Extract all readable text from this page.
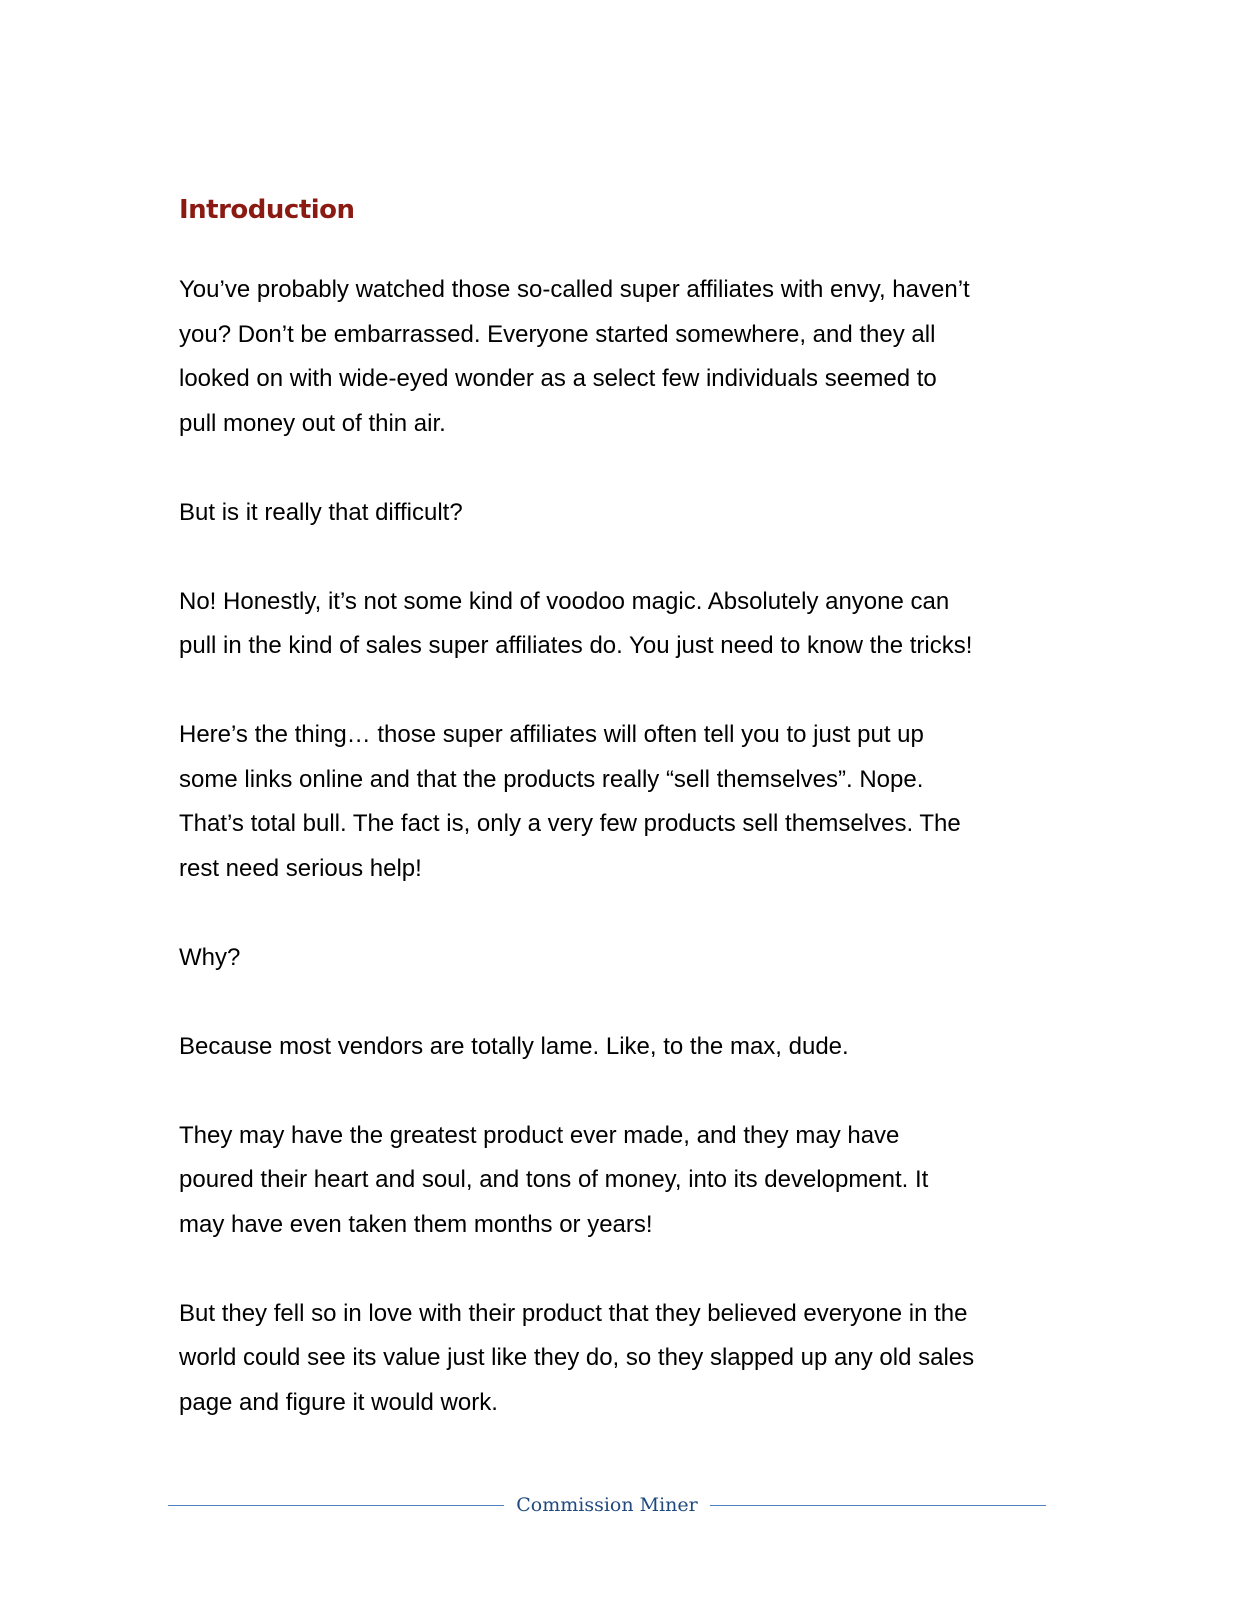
Introduction

You’ve probably watched those so-called super affiliates with envy, haven’t
you? Don’t be embarrassed. Everyone started somewhere, and they all
looked on with wide-eyed wonder as a select few individuals seemed to
pull money out of thin air.

But is it really that difficult?

No! Honestly, it’s not some kind of voodoo magic. Absolutely anyone can
pull in the kind of sales super affiliates do. You just need to know the tricks!

Here’s the thing… those super affiliates will often tell you to just put up
some links online and that the products really “sell themselves”. Nope.
That’s total bull. The fact is, only a very few products sell themselves. The
rest need serious help!

Why?

Because most vendors are totally lame. Like, to the max, dude.

They may have the greatest product ever made, and they may have
poured their heart and soul, and tons of money, into its development. It
may have even taken them months or years!

But they fell so in love with their product that they believed everyone in the
world could see its value just like they do, so they slapped up any old sales
page and figure it would work.

Commission Miner
